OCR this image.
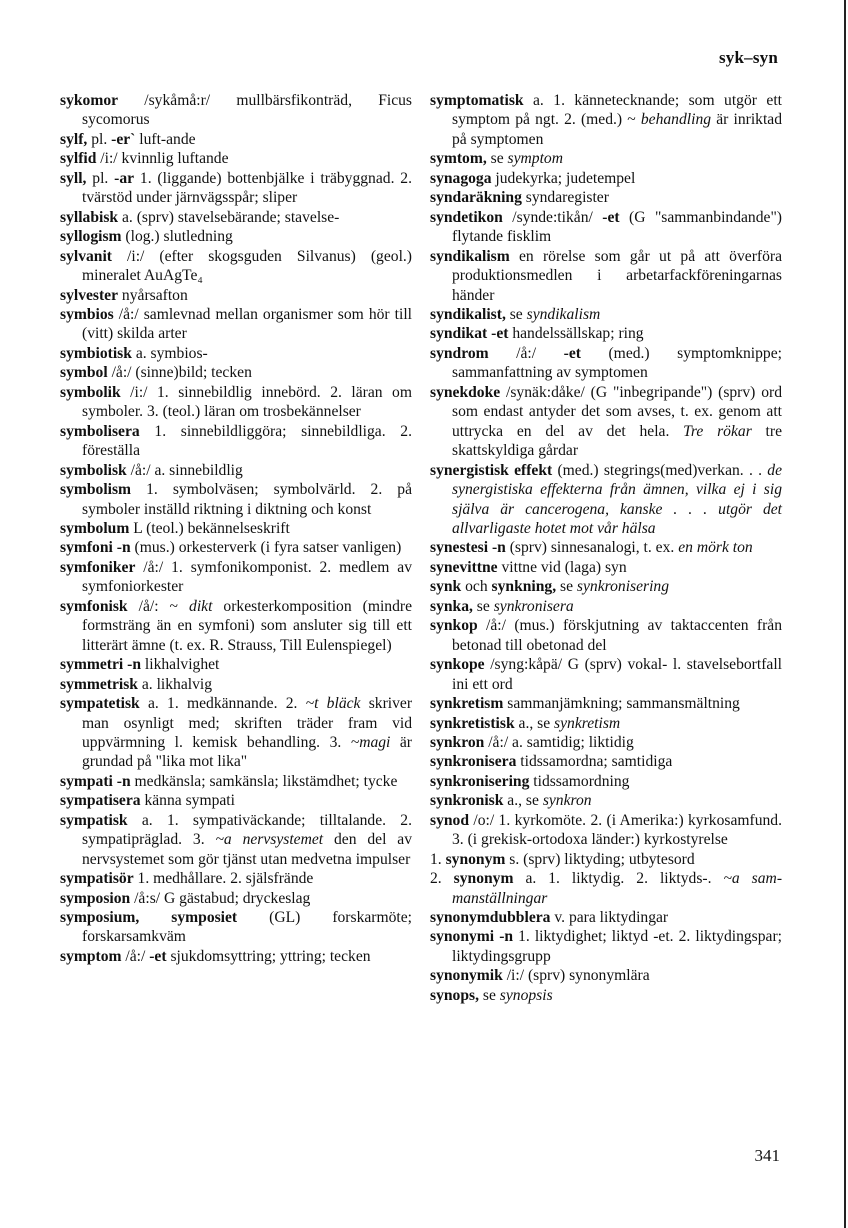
syk–syn
sykomor /sykåmå:r/ mullbärsfikonträd, Ficus sycomorus
sylf, pl. -er` luft-ande
sylfid /i:/ kvinnlig luftande
syll, pl. -ar 1. (liggande) bottenbjälke i träbyggnad. 2. tvärstöd under järnvägsspår; sliper
syllabisk a. (sprv) stavelsebärande; stavelse-
syllogism (log.) slutledning
sylvanit /i:/ (efter skogsguden Silvanus) (geol.) mineralet AuAgTe₄
sylvester nyårsafton
symbios /å:/ samlevnad mellan organismer som hör till (vitt) skilda arter
symbiotisk a. symbios-
symbol /å:/ (sinne)bild; tecken
symbolik /i:/ 1. sinnebildlig innebörd. 2. läran om symboler. 3. (teol.) läran om trosbekännelser
symbolisera 1. sinnebildliggöra; sinnebildliga. 2. föreställa
symbolisk /å:/ a. sinnebildlig
symbolism 1. symbolväsen; symbolvärld. 2. på symboler inställd riktning i diktning och konst
symbolum L (teol.) bekännelseskrift
symfoni -n (mus.) orkesterverk (i fyra satser vanligen)
symfoniker /å:/ 1. symfonikomponist. 2. medlem av symfoniorkester
symfonisk /å/: ~ dikt orkesterkomposition (mindre formsträng än en symfoni) som ansluter sig till ett litterärt ämne (t. ex. R. Strauss, Till Eulenspiegel)
symmetri -n likhalvighet
symmetrisk a. likhalvig
sympatetisk a. 1. medkännande. 2. ~t bläck skriver man osynligt med; skriften träder fram vid uppvärmning l. kemisk behandling. 3. ~magi är grundad på "lika mot lika"
sympati -n medkänsla; samkänsla; likstämdhet; tycke
sympatisera känna sympati
sympatisk a. 1. sympativäckande; tilltalande. 2. sympatipräglad. 3. ~a nervsystemet den del av nervsystemet som gör tjänst utan medvetna impulser
sympatisör 1. medhållare. 2. själsfrände
symposion /å:s/ G gästabud; dryckeslag
symposium, symposiet (GL) forskarmöte; forskarsamkväm
symptom /å:/ -et sjukdomsyttring; yttring; tecken
symptomatisk a. 1. kännetecknande; som utgör ett symptom på ngt. 2. (med.) ~ behandling är inriktad på symptomen
symtom, se symptom
synagoga judekyrka; judetempel
syndaräkning syndaregister
syndetikon /synde:tikån/ -et (G "sammanbindande") flytande fisklim
syndikalism en rörelse som går ut på att överföra produktionsmedlen i arbetarfackföreningarnas händer
syndikalist, se syndikalism
syndikat -et handelssällskap; ring
syndrom /å:/ -et (med.) symptomknippe; sammanfattning av symptomen
synekdoke /synäk:dåke/ (G "inbegripande") (sprv) ord som endast antyder det som avses, t. ex. genom att uttrycka en del av det hela. Tre rökar tre skattskyldiga gårdar
synergistisk effekt (med.) stegrings(med)verkan. . . de synergistiska effekterna från ämnen, vilka ej i sig själva är cancerogena, kanske . . . utgör det allvarligaste hotet mot vår hälsa
synestesi -n (sprv) sinnesanalogi, t. ex. en mörk ton
synevittne vittne vid (laga) syn
synk och synkning, se synkronisering
synka, se synkronisera
synkop /å:/ (mus.) förskjutning av taktaccenten från betonad till obetonad del
synkope /syng:kåpä/ G (sprv) vokal- l. stavelsebortfall ini ett ord
synkretism sammanjämkning; sammansmältning
synkretistisk a., se synkretism
synkron /å:/ a. samtidig; liktidig
synkronisera tidssamordna; samtidiga
synkronisering tidssamordning
synkronisk a., se synkron
synod /o:/ 1. kyrkomöte. 2. (i Amerika:) kyrkosamfund. 3. (i grekisk-ortodoxa länder:) kyrkostyrelse
1. synonym s. (sprv) liktyding; utbytesord
2. synonym a. 1. liktydig. 2. liktyds-. ~a sammanställningar
synonymdubblera v. para liktydingar
synonymi -n 1. liktydighet; liktyd -et. 2. liktydingspar; liktydingsgrupp
synonymik /i:/ (sprv) synonymlära
synops, se synopsis
341
